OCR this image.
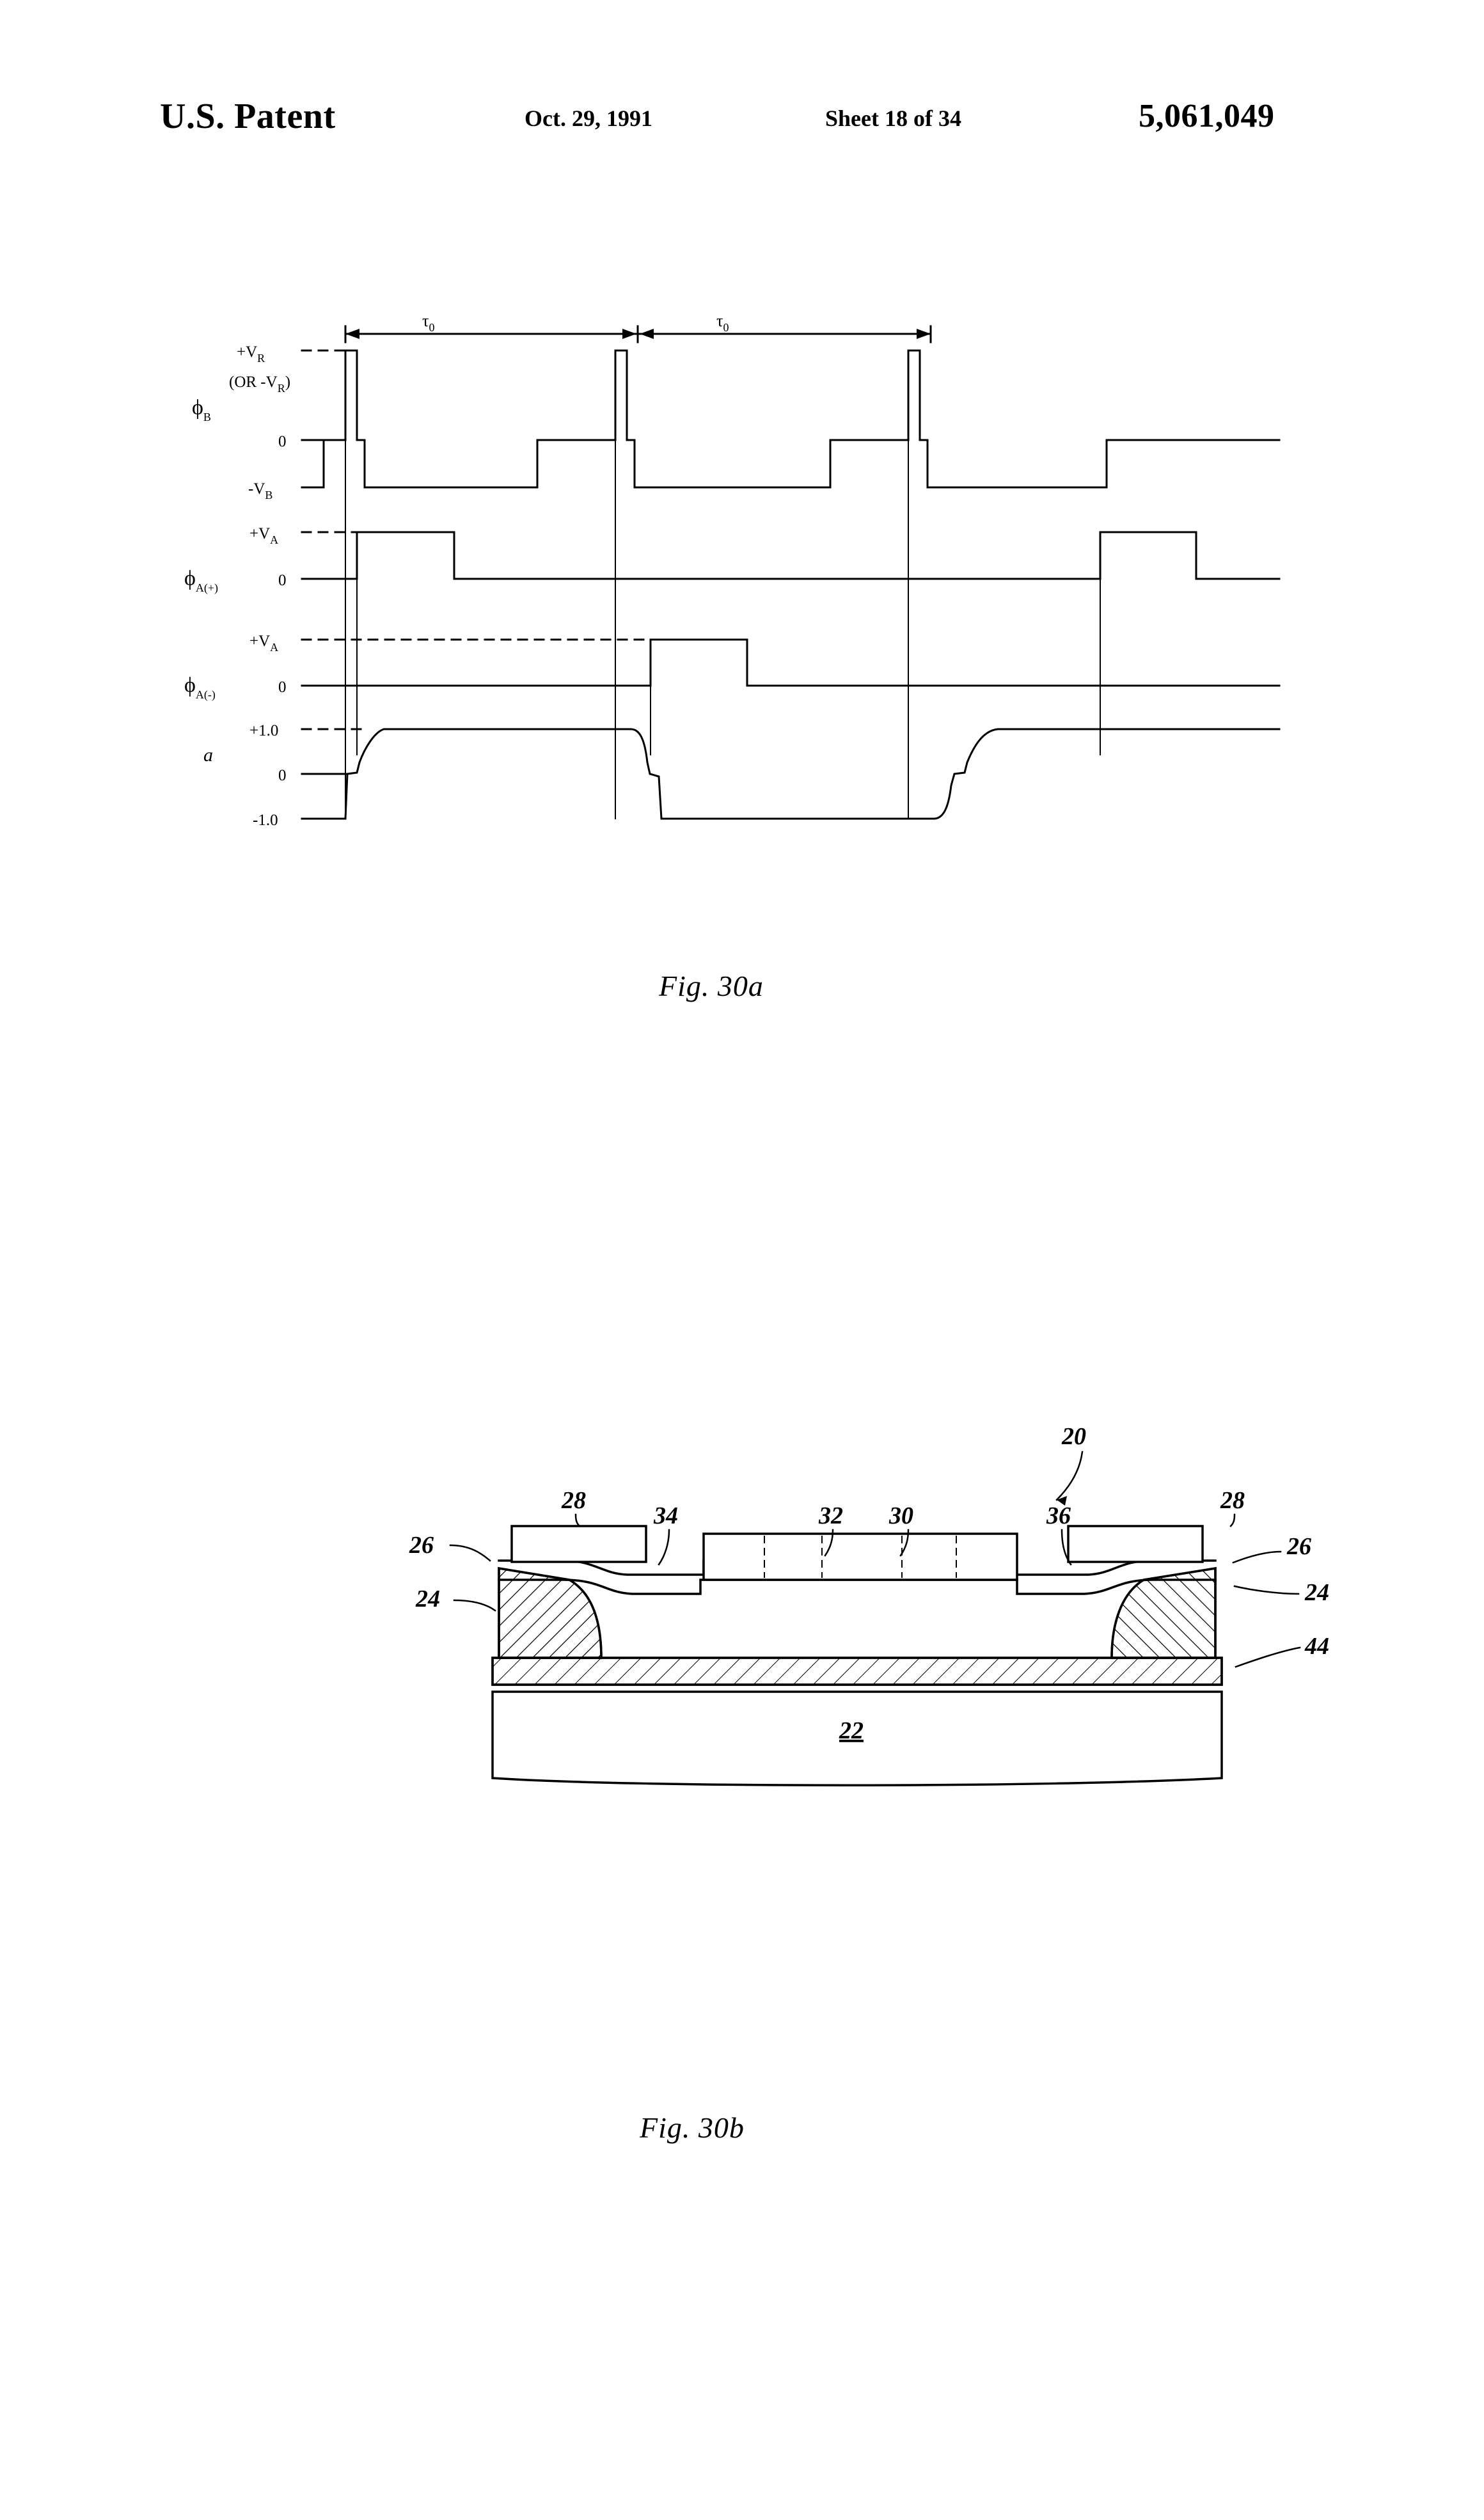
U.S. Patent	Oct. 29, 1991	Sheet 18 of 34	5,061,049
$+V_R$
(OR $-V_R$)
0
$-V_B$
$+V_A$
0
$+V_A$
0
+1.0
0
-1.0
$\phi_B$
$\phi_{A(+)}$
$\phi_{A(-)}$
a
$\tau_0$	$\tau_0$
Fig. 30a
20
22
24	24
26	26
28	28
30
32
34	36
44
Fig. 30b
